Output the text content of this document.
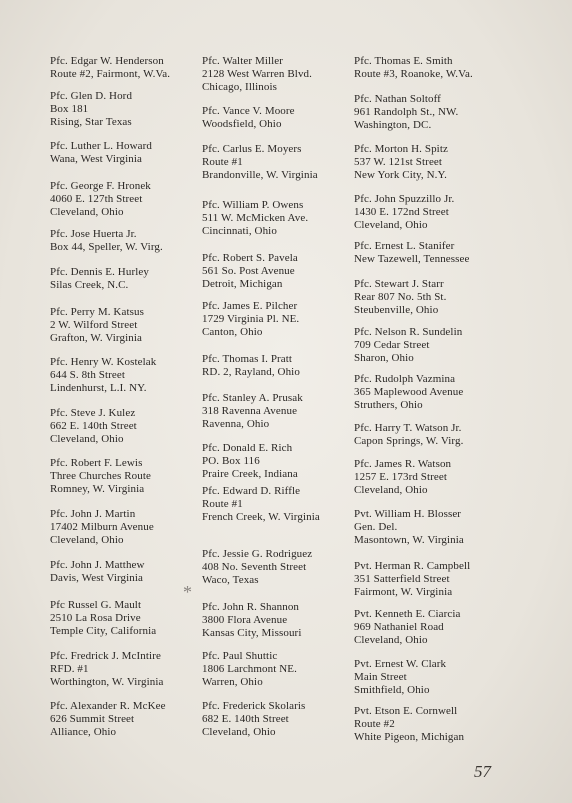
Pfc. Edgar W. Henderson
Route #2, Fairmont, W.Va.
Pfc. Glen D. Hord
Box 181
Rising, Star Texas
Pfc. Luther L. Howard
Wana, West Virginia
Pfc. George F. Hronek
4060 E. 127th Street
Cleveland, Ohio
Pfc. Jose Huerta Jr.
Box 44, Speller, W. Virg.
Pfc. Dennis E. Hurley
Silas Creek, N.C.
Pfc. Perry M. Katsus
2 W. Wilford Street
Grafton, W. Virginia
Pfc. Henry W. Kostelak
644 S. 8th Street
Lindenhurst, L.I. NY.
Pfc. Steve J. Kulez
662 E. 140th Street
Cleveland, Ohio
Pfc. Robert F. Lewis
Three Churches Route
Romney, W. Virginia
Pfc. John J. Martin
17402 Milburn Avenue
Cleveland, Ohio
Pfc. John J. Matthew
Davis, West Virginia
Pfc Russel G. Mault
2510 La Rosa Drive
Temple City, California
Pfc. Fredrick J. McIntire
RFD. #1
Worthington, W. Virginia
Pfc. Alexander R. McKee
626 Summit Street
Alliance, Ohio
Pfc. Walter Miller
2128 West Warren Blvd.
Chicago, Illinois
Pfc. Vance V. Moore
Woodsfield, Ohio
Pfc. Carlus E. Moyers
Route #1
Brandonville, W. Virginia
Pfc. William P. Owens
511 W. McMicken Ave.
Cincinnati, Ohio
Pfc. Robert S. Pavela
561 So. Post Avenue
Detroit, Michigan
Pfc. James E. Pilcher
1729 Virginia Pl. NE.
Canton, Ohio
Pfc. Thomas I. Pratt
RD. 2, Rayland, Ohio
Pfc. Stanley A. Prusak
318 Ravenna Avenue
Ravenna, Ohio
Pfc. Donald E. Rich
PO. Box 116
Praire Creek, Indiana
Pfc. Edward D. Riffle
Route #1
French Creek, W. Virginia
Pfc. Jessie G. Rodriguez
408 No. Seventh Street
Waco, Texas
Pfc. John R. Shannon
3800 Flora Avenue
Kansas City, Missouri
Pfc. Paul Shuttic
1806 Larchmont NE.
Warren, Ohio
Pfc. Frederick Skolaris
682 E. 140th Street
Cleveland, Ohio
Pfc. Thomas E. Smith
Route #3, Roanoke, W.Va.
Pfc. Nathan Soltoff
961 Randolph St., NW.
Washington, DC.
Pfc. Morton H. Spitz
537 W. 121st Street
New York City, N.Y.
Pfc. John Spuzzillo Jr.
1430 E. 172nd Street
Cleveland, Ohio
Pfc. Ernest L. Stanifer
New Tazewell, Tennessee
Pfc. Stewart J. Starr
Rear 807 No. 5th St.
Steubenville, Ohio
Pfc. Nelson R. Sundelin
709 Cedar Street
Sharon, Ohio
Pfc. Rudolph Vazmina
365 Maplewood Avenue
Struthers, Ohio
Pfc. Harry T. Watson Jr.
Capon Springs, W. Virg.
Pfc. James R. Watson
1257 E. 173rd Street
Cleveland, Ohio
Pvt. William H. Blosser
Gen. Del.
Masontown, W. Virginia
Pvt. Herman R. Campbell
351 Satterfield Street
Fairmont, W. Virginia
Pvt. Kenneth E. Ciarcia
969 Nathaniel Road
Cleveland, Ohio
Pvt. Ernest W. Clark
Main Street
Smithfield, Ohio
Pvt. Etson E. Cornwell
Route #2
White Pigeon, Michigan
*
57
